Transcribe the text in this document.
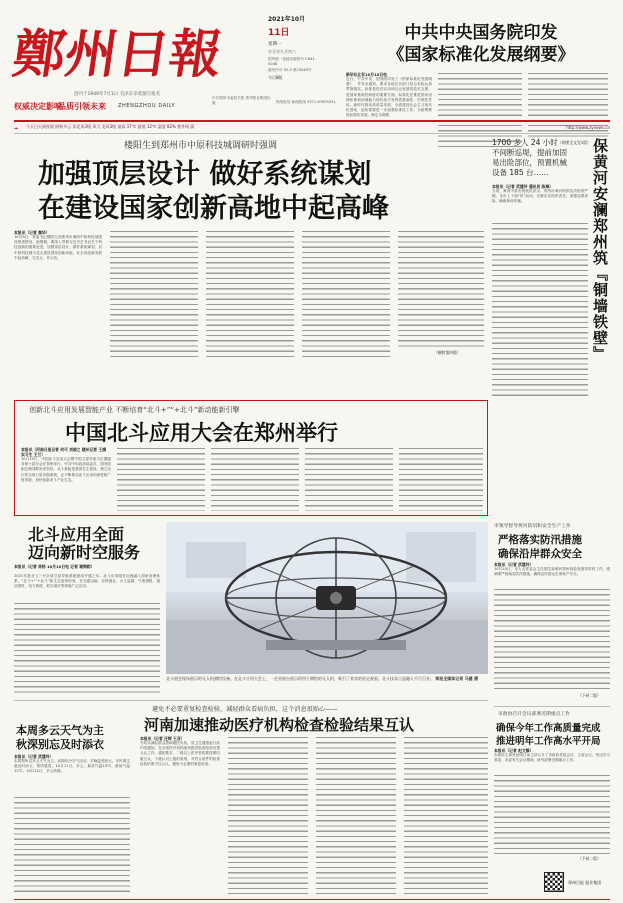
鄭
州
日
報
创刊于1949年7月1日 毛泽东亲笔题写报名
权威决定影响
品质引领未来 ZHENGZHOU DAILY
2021年10月
11日
星期一
辛丑年九月初六
国内统一连续出版物号 CN41-0048
邮发代号 35-3 第25048号
今日8版
中共郑州市委机关报 郑州报业集团出版	热线电话 新闻热线 0371-67655551
中共中央国务院印发
《国家标准化发展纲要》
新华社北京10月10日电
近日，中共中央、国务院印发了《国家标准化发展纲要》，并发出通知，要求各地区各部门结合实际认真贯彻落实。标准是经济活动和社会发展的技术支撑，是国家基础性制度的重要方面。标准化在推进国家治理体系和治理能力现代化中发挥着基础性、引领性作用。新时代推动高质量发展、全面建设社会主义现代化国家，迫切需要进一步加强标准化工作。为统筹推进标准化发展，制定本纲要。
（纲要全文见3版）
☁ 今天白天到夜间 阴转多云 东北风3级 风力 北风3级 最高 17℃ 最低 12℃ 湿度 82% 紫外线 弱	http://www.zynews.cn
楼阳生到郑州市中原科技城调研时强调
加强顶层设计 做好系统谋划
在建设国家创新高地中起高峰
本报讯（记者 秦华）
10月9日，省委书记楼阳生到郑州市调研中原科技城建设推进情况。他强调，要深入贯彻习近平总书记关于科技创新的重要论述，加强顶层设计，做好系统谋划，以中原科技城为龙头建设国家创新高地，在全省创新发展中起高峰、当龙头、作示范。
（横跨第四版）
1700 多人 24 小时
不间断巡堤，提前加固
易出险部位，预置机械
设备 185 台……	保黄河安澜郑州筑﹃铜墙铁壁﹄
本报讯（记者 武建玲 通讯员 陈琳）
当前，黄河中游出现秋汛洪水，郑州市黄河防汛抗洪形势严峻。全市上下闻“汛”而动，压紧压实防汛责任，加强巡堤查险，确保黄河安澜。
创新北斗应用发展智能产业 不断培育“北斗+”“+北斗”新动能新引擎
中国北斗应用大会在郑州举行
本报讯（河南日报记者 何可 刘晓之 随州记者 王旗 实习生 王兰）
10月10日，中国北斗应用大会暨中国卫星导航与位置服务第十届年会在郑州举行。中共中央政治局委员、国务院副总理刘鹤发来贺信。北斗系统是我国自主建设、独立运行的全球卫星导航系统，正不断推动北斗应用向深度和广度发展，加快创新北斗产业生态。
北斗应用全面
迈向新时空服务
本报讯（记者 尚杨 10月10日电 记者 谢海韵）
2021年是北斗三号全球卫星导航系统建成开通之年。北斗应用服务加速融入国家治理体系，“北斗+”“+北斗”新生态加快形成，在交通运输、农林渔业、水文监测、气象测报、通信授时、电力调度、救灾减灾等领域广泛应用。
北斗展会现场展示的无人机测绘设备。在北斗应用大会上，一企业展台展示的用于测绘的无人机，吸引了来宾的驻足观看，北斗技术日益融入千行百业。 郑报全媒体记者 马健 摄
市领导督导黄河防汛和安全生产工作
严格落实防汛措施
确保沿岸群众安全
本报讯（记者 武建玲）
10月10日，市人大常委会主任胡荃到黄河郑州段检查指导防汛工作，强调要严格落实防汛措施，确保沿岸群众生命财产安全。
（下转二版）
市政协召开会议部署近期重点工作
确保今年工作高质量完成
推进明年工作高水平开局
本报讯（记者 赵文静）
市政协主席张延明日前主持召开了市政协党组会议、主席会议，传达学习省委、市委有关会议精神，研究部署近期重点工作。
（下转二版）
郑州日报 报业集团
本周多云天气为主
秋深别忘及时添衣
本报讯（记者 武建玲）
本周郑州以多云天气为主，前期有冷空气活动，早晚温差较大。市民要注意及时添衣，预防感冒。10月11日，多云，最高气温19℃，最低气温12℃；10月12日，多云转晴。
避免不必要重复检查检验，减轻群众看病负担，这个消息很贴心——
河南加速推动医疗机构检查检验结果互认
本报讯（记者 汪辉 王亚）
为切实减轻群众看病就医负担，省卫生健康委日前印发通知，在全省医疗机构加快推进检查检验结果互认工作。通知要求，二级以上医疗机构要按照同级互认、下级认可上级的原则，对符合条件的检查检验结果予以互认，避免不必要的重复检查。
